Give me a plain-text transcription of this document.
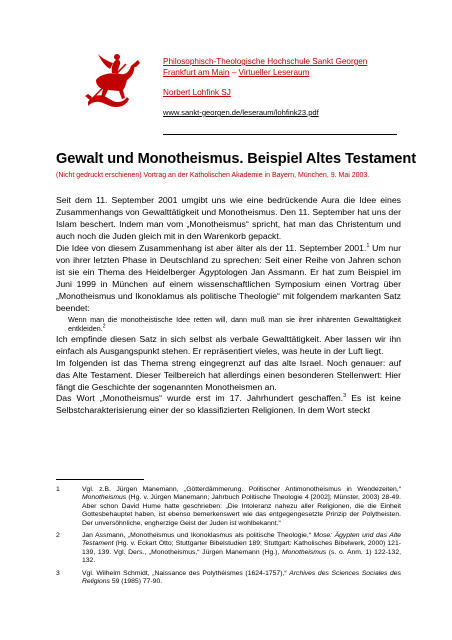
Philosophisch-Theologische Hochschule Sankt Georgen
Frankfurt am Main – Virtueller Leseraum
Norbert Lohfink SJ
www.sankt-georgen.de/leseraum/lohfink23.pdf
Gewalt und Monotheismus. Beispiel Altes Testament
(Nicht gedruckt erschienen) Vortrag an der Katholischen Akademie in Bayern, München, 9. Mai 2003.

Seit dem 11. September 2001 umgibt uns wie eine bedrückende Aura die Idee eines Zusammenhangs von Gewalttätigkeit und Monotheismus. Den 11. September hat uns der Islam beschert. Indem man vom „Monotheismus“ spricht, hat man das Christentum und auch noch die Juden gleich mit in den Warenkorb gepackt.

Die Idee von diesem Zusammenhang ist aber älter als der 11. September 2001.$^1$ Um nur von ihrer letzten Phase in Deutschland zu sprechen: Seit einer Reihe von Jahren schon ist sie ein Thema des Heidelberger Ägyptologen Jan Assmann. Er hat zum Beispiel im Juni 1999 in München auf einem wissenschaftlichen Symposium einen Vortrag über „Monotheismus und Ikonoklamus als politische Theologie“ mit folgendem markanten Satz beendet:

Wenn man die monotheistische Idee retten will, dann muß man sie ihrer inhärenten Gewalttätigkeit entkleiden.$^2$

Ich empfinde diesen Satz in sich selbst als verbale Gewalttätigkeit. Aber lassen wir ihn einfach als Ausgangspunkt stehen. Er repräsentiert vieles, was heute in der Luft liegt.

Im folgenden ist das Thema streng eingegrenzt auf das alte Israel. Noch genauer: auf das Alte Testament. Dieser Teilbereich hat allerdings einen besonderen Stellenwert: Hier fängt die Geschichte der sogenannten Monotheismen an.

Das Wort „Monotheismus“ wurde erst im 17. Jahrhundert geschaffen.$^3$ Es ist keine Selbstcharakterisierung einer der so klassifizierten Religionen. In dem Wort steckt

1	Vgl. z.B. Jürgen Manemann, „Götterdämmerung. Politischer Antimonotheismus in Wendezeiten,“ Monotheismus (Hg. v. Jürgen Manemann; Jahrbuch Politische Theologie 4 [2002]; Münster, 2003) 28-49. Aber schon David Hume hatte geschrieben: „Die Intoleranz nahezu aller Religionen, die die Einheit Gottesbehauptet haben, ist ebenso bemerkenswert wie das entgegengesetzte Prinzip der Polytheisten. Der unversöhnliche, engherzige Geist der Juden ist wohlbekannt.“
2	Jan Assmann, „Monotheismus und Ikonoklasmus als politische Theologie,“ Mose: Ägypten und das Alte Testament (Hg. v. Eckart Otto; Stuttgarter Bibelstudien 189; Stuttgart: Katholisches Bibelwerk, 2000) 121-139, 139. Vgl. Ders., „Monotheismus,“ Jürgen Manemann (Hg.), Monotheismus (s. o. Anm. 1) 122-132, 132.
3	Vgl. Wilhelm Schmidt, „Naissance des Polythéismes (1624-1757),“ Archives des Sciences Sociales des Religions 59 (1985) 77-90.
